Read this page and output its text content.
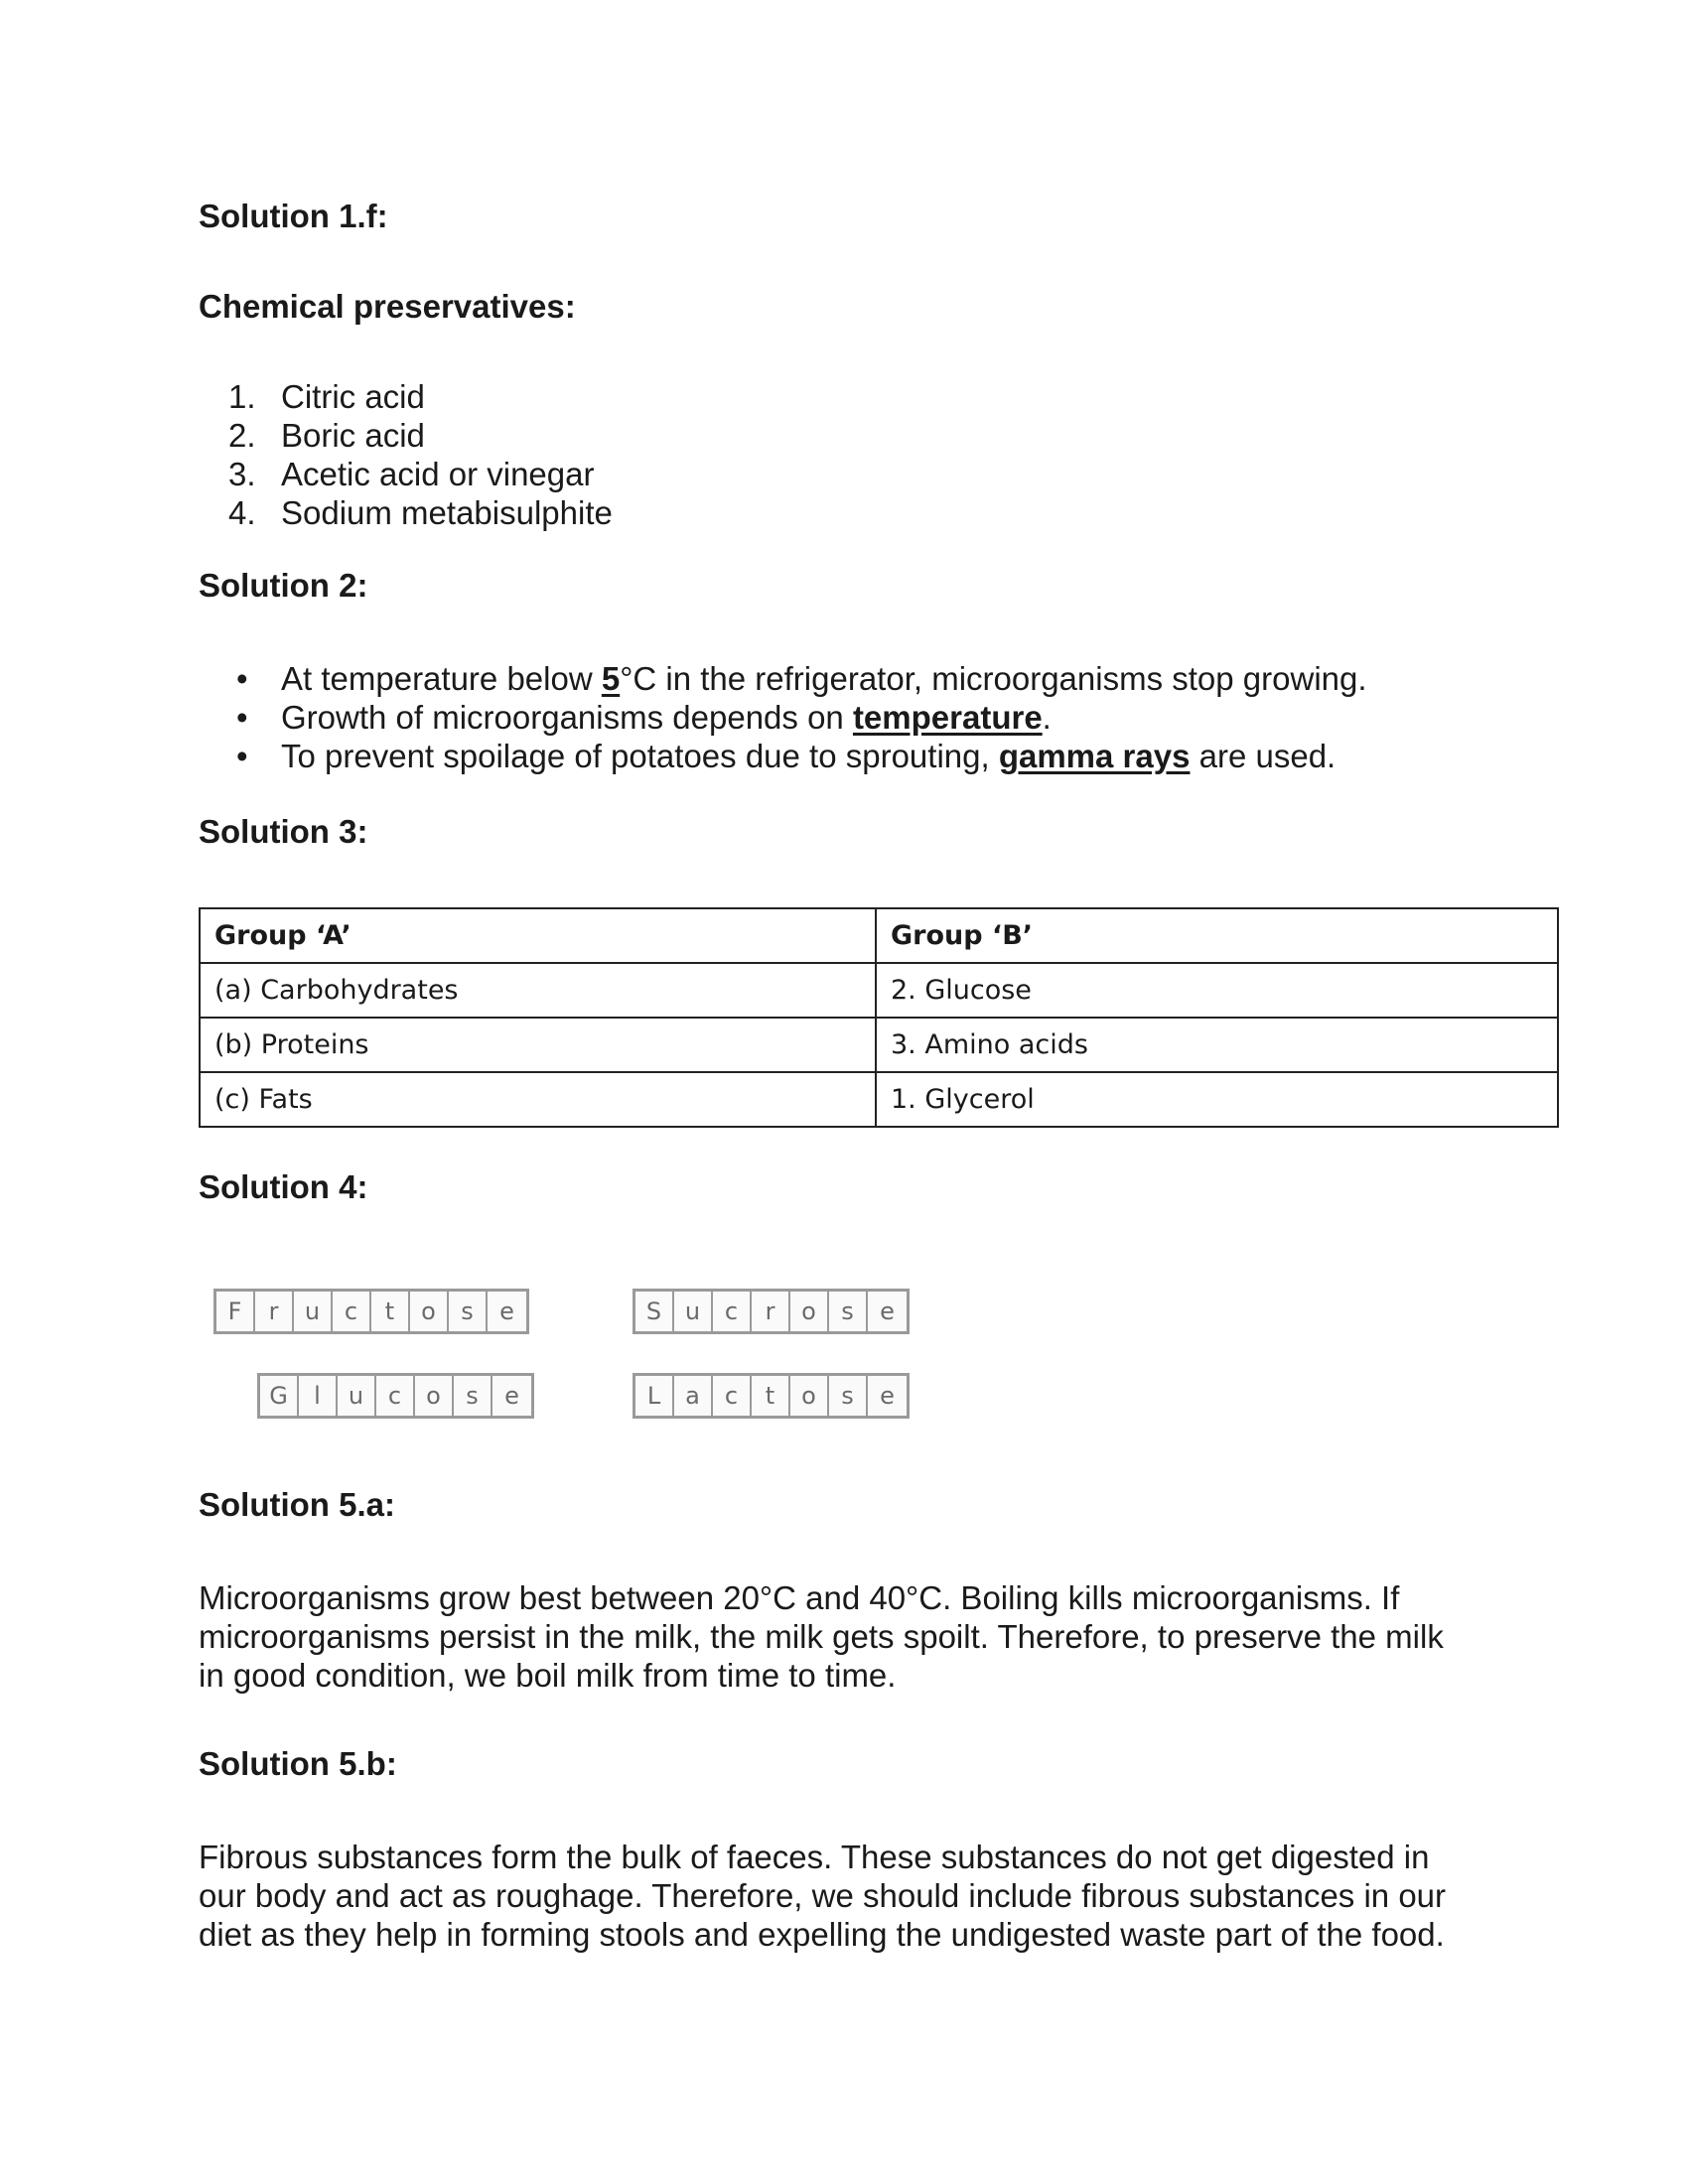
Solution 1.f:
Chemical preservatives:
1. Citric acid
2. Boric acid
3. Acetic acid or vinegar
4. Sodium metabisulphite
Solution 2:
• At temperature below 5°C in the refrigerator, microorganisms stop growing.
• Growth of microorganisms depends on temperature.
• To prevent spoilage of potatoes due to sprouting, gamma rays are used.
Solution 3:
Group ‘A’	Group ‘B’
(a) Carbohydrates	2. Glucose
(b) Proteins	3. Amino acids
(c) Fats	1. Glycerol
Solution 4:
F	r	u	c	t	o	s	e	S u	c	r	o	s	e
G	l	u	c	o	s	e	L	a	c	t	o	s	e
Solution 5.a:
Microorganisms grow best between 20°C and 40°C. Boiling kills microorganisms. If
microorganisms persist in the milk, the milk gets spoilt. Therefore, to preserve the milk
in good condition, we boil milk from time to time.
Solution 5.b:
Fibrous substances form the bulk of faeces. These substances do not get digested in
our body and act as roughage. Therefore, we should include fibrous substances in our
diet as they help in forming stools and expelling the undigested waste part of the food.
